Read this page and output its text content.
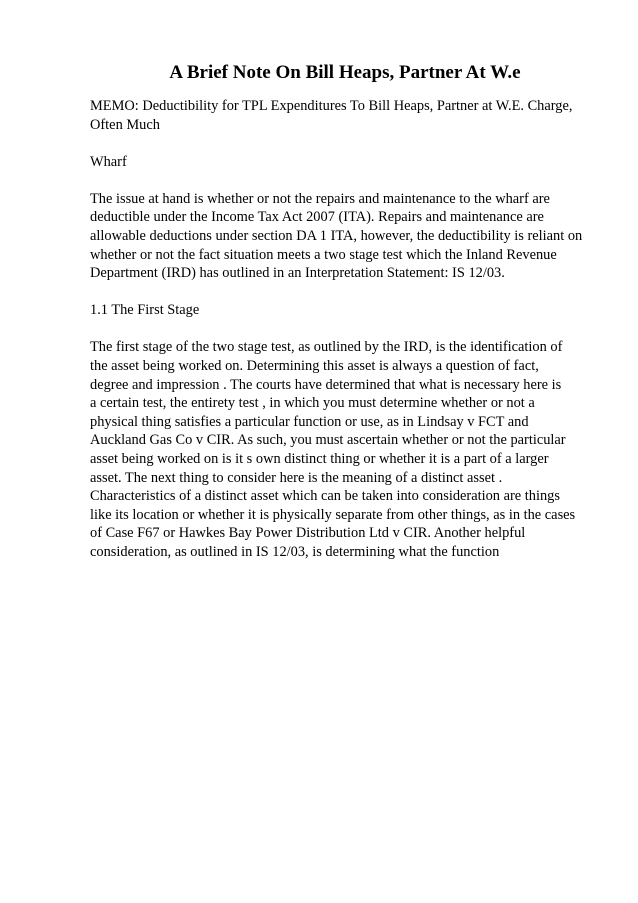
A Brief Note On Bill Heaps, Partner At W.e

MEMO: Deductibility for TPL Expenditures To Bill Heaps, Partner at W.E. Charge,
Often Much

Wharf

The issue at hand is whether or not the repairs and maintenance to the wharf are
deductible under the Income Tax Act 2007 (ITA). Repairs and maintenance are
allowable deductions under section DA 1 ITA, however, the deductibility is reliant on
whether or not the fact situation meets a two stage test which the Inland Revenue
Department (IRD) has outlined in an Interpretation Statement: IS 12/03.

1.1 The First Stage

The first stage of the two stage test, as outlined by the IRD, is the identification of
the asset being worked on. Determining this asset is always a question of fact,
degree and impression . The courts have determined that what is necessary here is
a certain test, the entirety test , in which you must determine whether or not a
physical thing satisfies a particular function or use, as in Lindsay v FCT and
Auckland Gas Co v CIR. As such, you must ascertain whether or not the particular
asset being worked on is it s own distinct thing or whether it is a part of a larger
asset. The next thing to consider here is the meaning of a distinct asset .
Characteristics of a distinct asset which can be taken into consideration are things
like its location or whether it is physically separate from other things, as in the cases
of Case F67 or Hawkes Bay Power Distribution Ltd v CIR. Another helpful
consideration, as outlined in IS 12/03, is determining what the function
